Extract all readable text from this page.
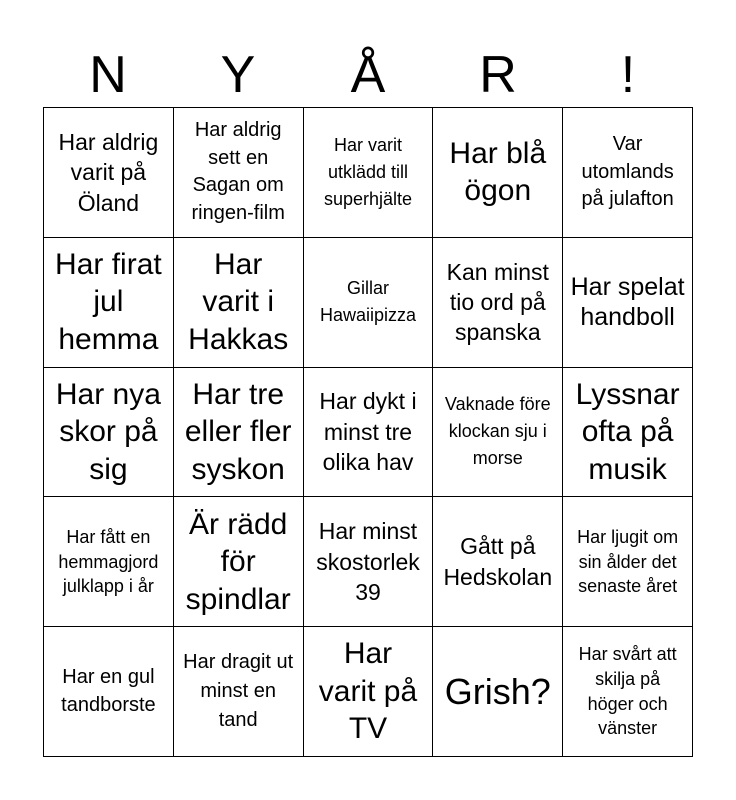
N	Y	Å	R	!
Har aldrig varit på Öland
Har aldrig sett en Sagan om ringen-film
Har varit utklädd till superhjälte
Har blå ögon
Var utomlands på julafton
Har firat jul hemma
Har varit i Hakkas
Gillar Hawaiipizza
Kan minst tio ord på spanska
Har spelat handboll
Har nya skor på sig
Har tre eller fler syskon
Har dykt i minst tre olika hav
Vaknade före klockan sju i morse
Lyssnar ofta på musik
Har fått en hemmagjord julklapp i år
Är rädd för spindlar
Har minst skostorlek 39
Gått på Hedskolan
Har ljugit om sin ålder det senaste året
Har en gul tandborste
Har dragit ut minst en tand
Har varit på TV
Grish?
Har svårt att skilja på höger och vänster
